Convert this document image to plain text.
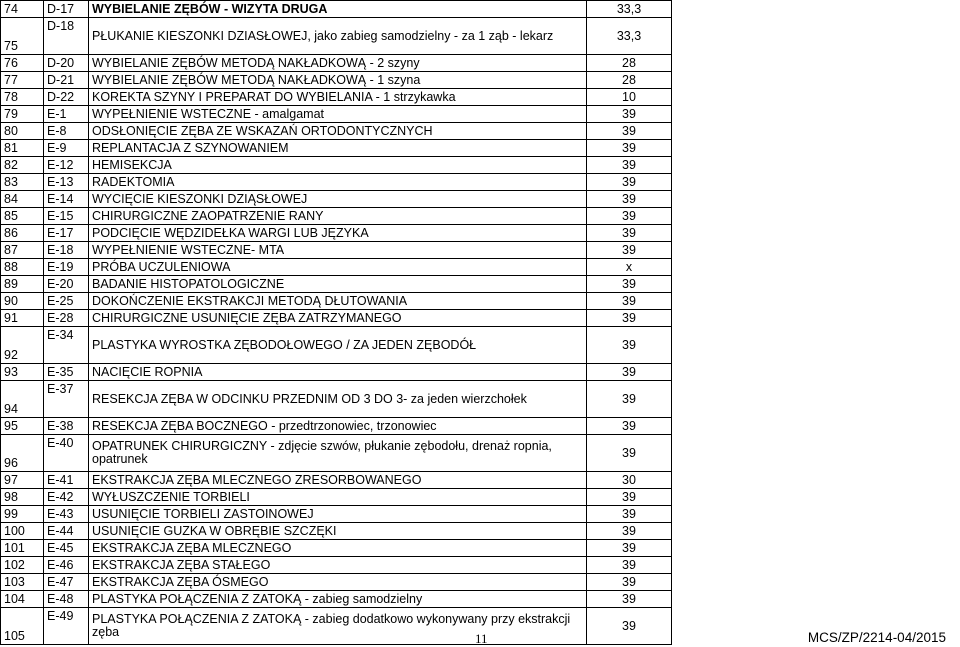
74	D-17	WYBIELANIE ZĘBÓW - WIZYTA DRUGA	33,3
75	D-18	PŁUKANIE KIESZONKI DZIASŁOWEJ, jako zabieg samodzielny - za 1 ząb - lekarz	33,3
76	D-20	WYBIELANIE ZĘBÓW METODĄ NAKŁADKOWĄ - 2 szyny	28
77	D-21	WYBIELANIE ZĘBÓW METODĄ NAKŁADKOWĄ - 1 szyna	28
78	D-22	KOREKTA SZYNY I PREPARAT DO WYBIELANIA - 1 strzykawka	10
79	E-1	WYPEŁNIENIE WSTECZNE - amalgamat	39
80	E-8	ODSŁONIĘCIE ZĘBA ZE WSKAZAŃ ORTODONTYCZNYCH	39
81	E-9	REPLANTACJA Z SZYNOWANIEM	39
82	E-12	HEMISEKCJA	39
83	E-13	RADEKTOMIA	39
84	E-14	WYCIĘCIE KIESZONKI DZIĄSŁOWEJ	39
85	E-15	CHIRURGICZNE ZAOPATRZENIE RANY	39
86	E-17	PODCIĘCIE WĘDZIDEŁKA WARGI LUB JĘZYKA	39
87	E-18	WYPEŁNIENIE WSTECZNE- MTA	39
88	E-19	PRÓBA UCZULENIOWA	x
89	E-20	BADANIE HISTOPATOLOGICZNE	39
90	E-25	DOKOŃCZENIE EKSTRAKCJI METODĄ DŁUTOWANIA	39
91	E-28	CHIRURGICZNE USUNIĘCIE ZĘBA ZATRZYMANEGO	39
92	E-34	PLASTYKA WYROSTKA ZĘBODOŁOWEGO / ZA JEDEN ZĘBODÓŁ	39
93	E-35	NACIĘCIE ROPNIA	39
94	E-37	RESEKCJA ZĘBA W ODCINKU PRZEDNIM OD 3 DO 3- za jeden wierzchołek	39
95	E-38	RESEKCJA ZĘBA BOCZNEGO - przedtrzonowiec, trzonowiec	39
96	E-40	OPATRUNEK CHIRURGICZNY - zdjęcie szwów, płukanie zębodołu, drenaż ropnia, opatrunek	39
97	E-41	EKSTRAKCJA ZĘBA MLECZNEGO ZRESORBOWANEGO	30
98	E-42	WYŁUSZCZENIE TORBIELI	39
99	E-43	USUNIĘCIE TORBIELI ZASTOINOWEJ	39
100	E-44	USUNIĘCIE GUZKA W OBRĘBIE SZCZĘKI	39
101	E-45	EKSTRAKCJA ZĘBA MLECZNEGO	39
102	E-46	EKSTRAKCJA ZĘBA STAŁEGO	39
103	E-47	EKSTRAKCJA ZĘBA ÓSMEGO	39
104	E-48	PLASTYKA POŁĄCZENIA Z ZATOKĄ - zabieg samodzielny	39
105	E-49	PLASTYKA POŁĄCZENIA Z ZATOKĄ - zabieg dodatkowo wykonywany przy ekstrakcji zęba	39
11	MCS/ZP/2214-04/2015
